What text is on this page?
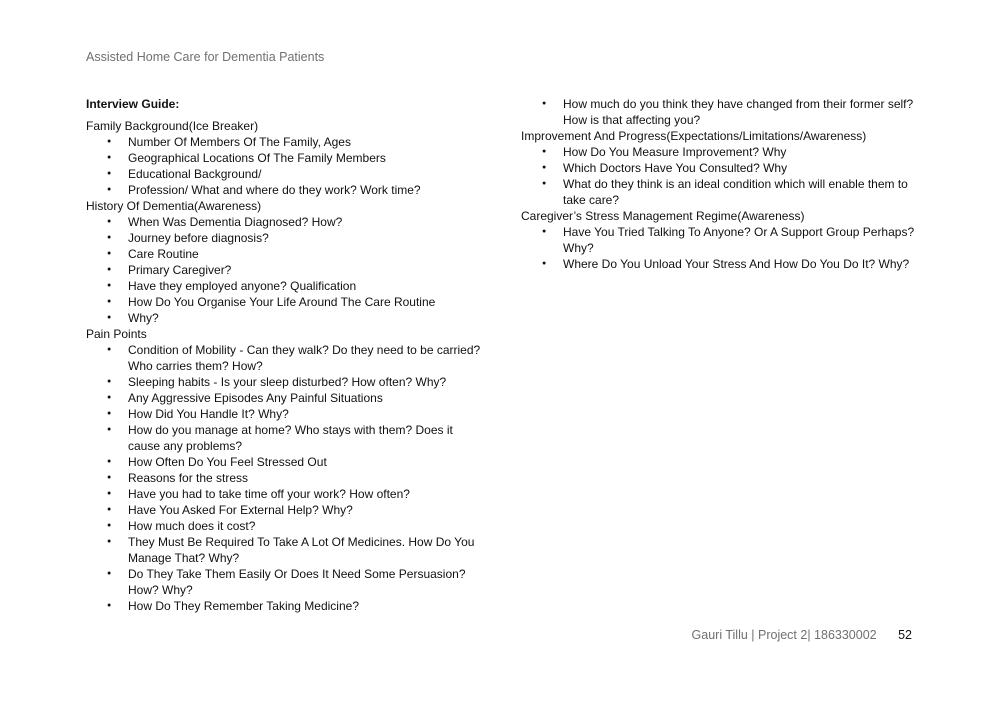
Assisted Home Care for Dementia Patients
Interview Guide:
Family Background(Ice Breaker)
● Number Of Members Of The Family, Ages
● Geographical Locations Of The Family Members
● Educational Background/
● Profession/ What and where do they work? Work time?
History Of Dementia(Awareness)
● When Was Dementia Diagnosed? How?
● Journey before diagnosis?
● Care Routine
● Primary Caregiver?
● Have they employed anyone? Qualification
● How Do You Organise Your Life Around The Care Routine
● Why?
Pain Points
● Condition of Mobility - Can they walk? Do they need to be carried? Who carries them? How?
● Sleeping habits - Is your sleep disturbed? How often? Why?
● Any Aggressive Episodes Any Painful Situations
● How Did You Handle It? Why?
● How do you manage at home? Who stays with them? Does it cause any problems?
● How Often Do You Feel Stressed Out
● Reasons for the stress
● Have you had to take time off your work? How often?
● Have You Asked For External Help? Why?
● How much does it cost?
● They Must Be Required To Take A Lot Of Medicines. How Do You Manage That? Why?
● Do They Take Them Easily Or Does It Need Some Persuasion? How? Why?
● How Do They Remember Taking Medicine?
● How much do you think they have changed from their former self? How is that affecting you?
Improvement And Progress(Expectations/Limitations/Awareness)
● How Do You Measure Improvement? Why
● Which Doctors Have You Consulted? Why
● What do they think is an ideal condition which will enable them to take care?
Caregiver’s Stress Management Regime(Awareness)
● Have You Tried Talking To Anyone? Or A Support Group Perhaps? Why?
● Where Do You Unload Your Stress And How Do You Do It? Why?
Gauri Tillu | Project 2| 186330002 52
